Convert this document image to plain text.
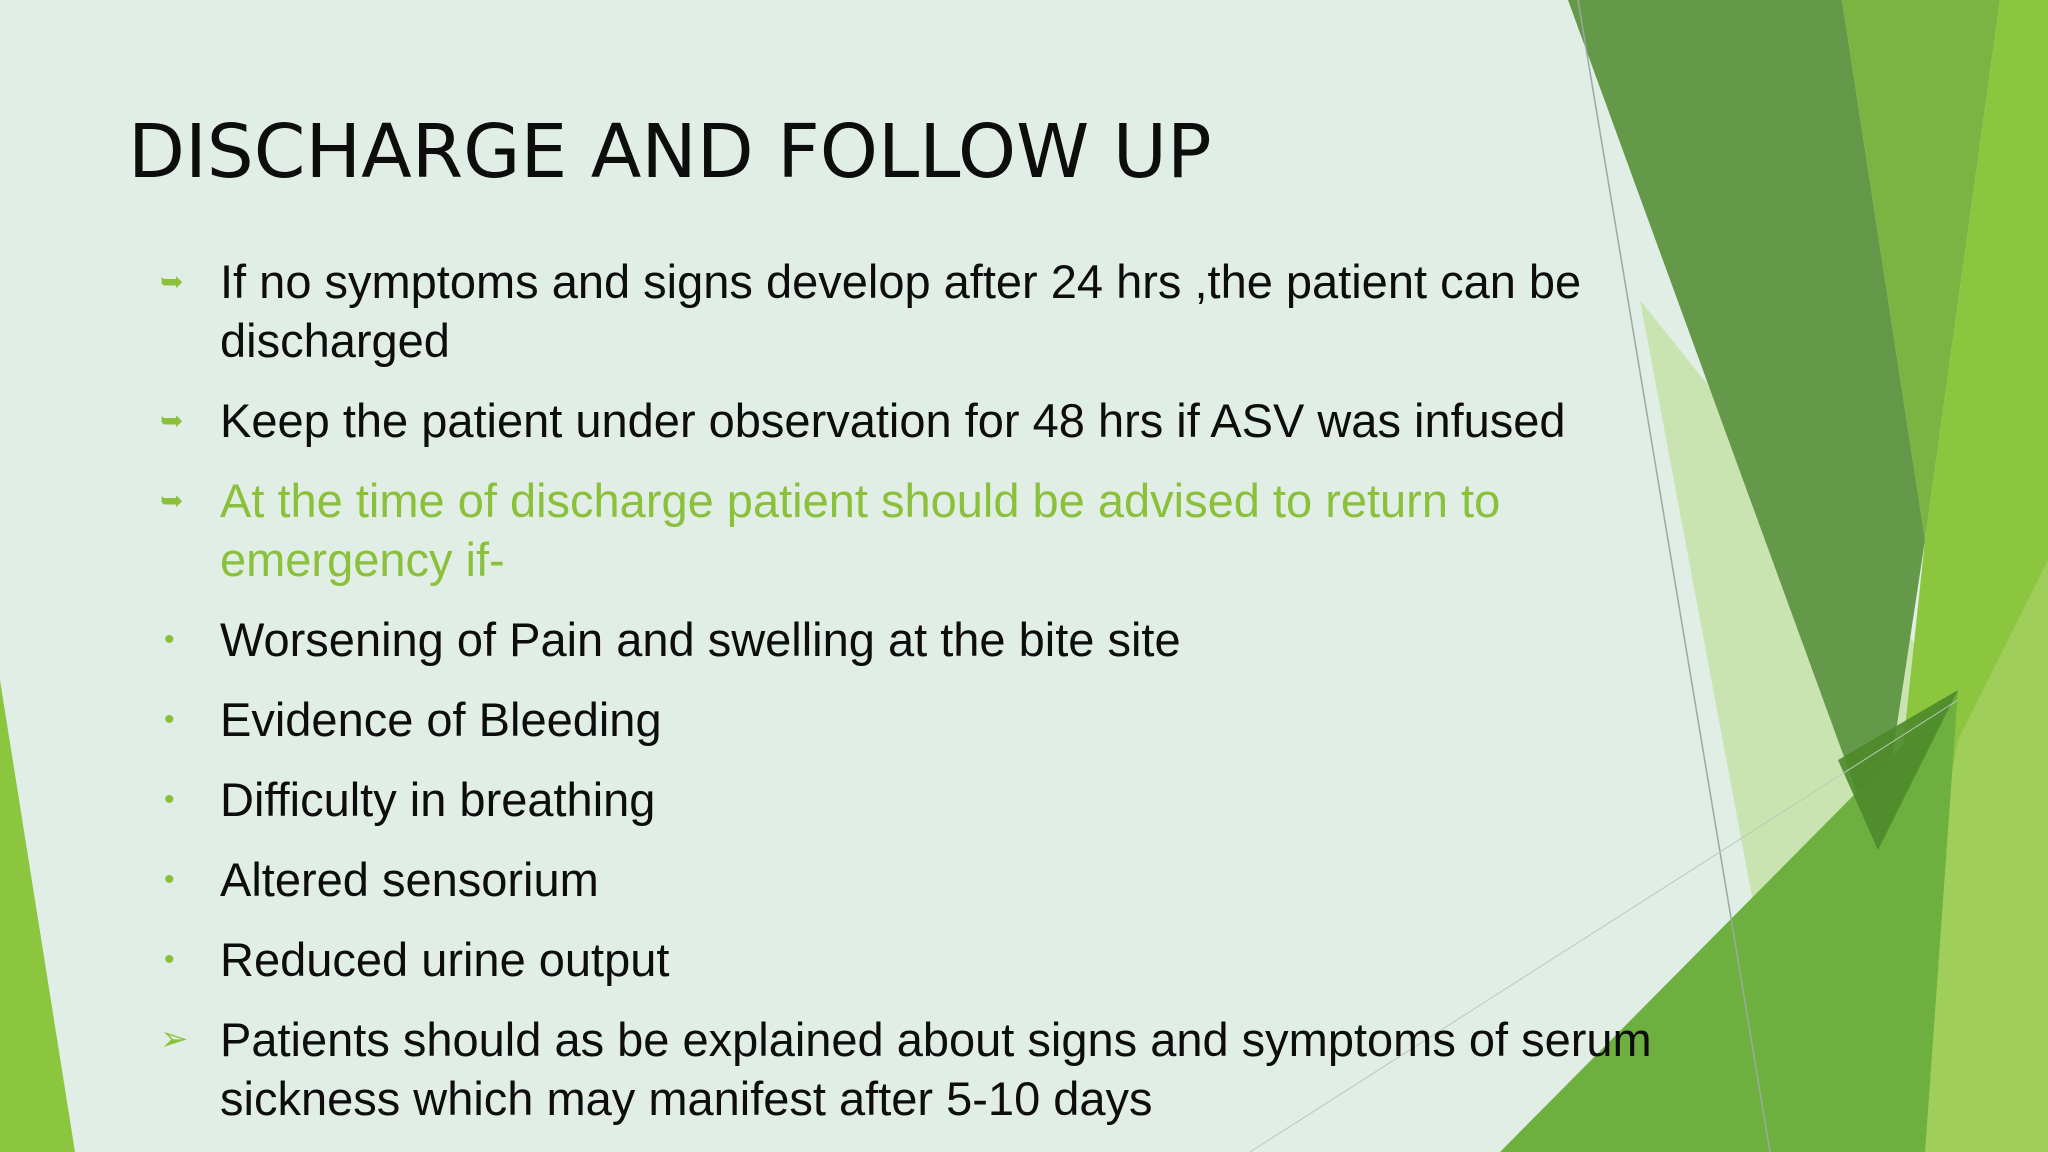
DISCHARGE AND FOLLOW UP
➥ If no symptoms and signs develop after 24 hrs ,the patient can be discharged
➥ Keep the patient under observation for 48 hrs if ASV was infused
➥ At the time of discharge patient should be advised to return to emergency if-
• Worsening of Pain and swelling at the bite site
• Evidence of Bleeding
• Difficulty in breathing
• Altered sensorium
• Reduced urine output
➢ Patients should as be explained about signs and symptoms of serum sickness which may manifest after 5-10 days
